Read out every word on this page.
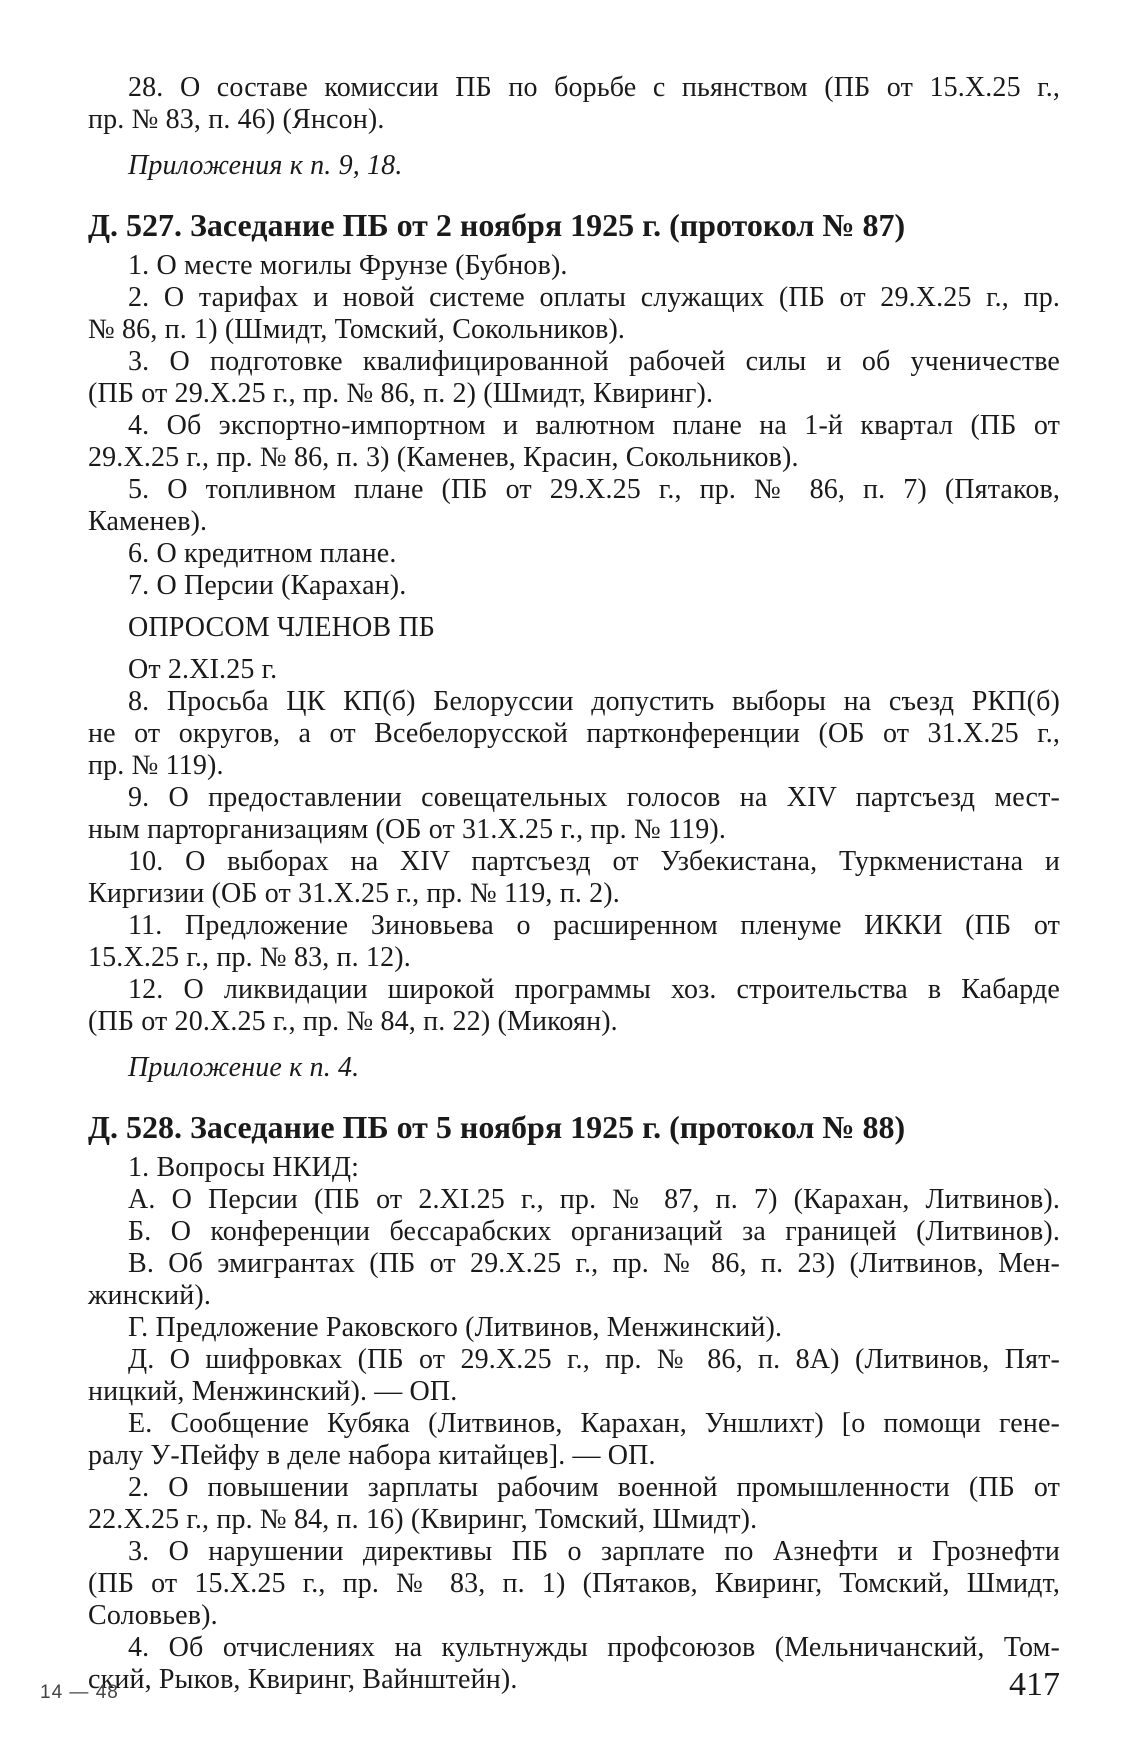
28. О составе комиссии ПБ по борьбе с пьянством (ПБ от 15.X.25 г.,
пр. № 83, п. 46) (Янсон).
Приложения к п. 9, 18.
Д. 527. Заседание ПБ от 2 ноября 1925 г. (протокол № 87)
1. О месте могилы Фрунзе (Бубнов).
2. О тарифах и новой системе оплаты служащих (ПБ от 29.X.25 г., пр.
№ 86, п. 1) (Шмидт, Томский, Сокольников).
3. О подготовке квалифицированной рабочей силы и об ученичестве
(ПБ от 29.X.25 г., пр. № 86, п. 2) (Шмидт, Квиринг).
4. Об экспортно-импортном и валютном плане на 1-й квартал (ПБ от
29.X.25 г., пр. № 86, п. 3) (Каменев, Красин, Сокольников).
5. О топливном плане (ПБ от 29.X.25 г., пр. № 86, п. 7) (Пятаков,
Каменев).
6. О кредитном плане.
7. О Персии (Карахан).
ОПРОСОМ ЧЛЕНОВ ПБ
От 2.XI.25 г.
8. Просьба ЦК КП(б) Белоруссии допустить выборы на съезд РКП(б)
не от округов, а от Всебелорусской партконференции (ОБ от 31.X.25 г.,
пр. № 119).
9. О предоставлении совещательных голосов на XIV партсъезд мест-
ным парторганизациям (ОБ от 31.X.25 г., пр. № 119).
10. О выборах на XIV партсъезд от Узбекистана, Туркменистана и
Киргизии (ОБ от 31.X.25 г., пр. № 119, п. 2).
11. Предложение Зиновьева о расширенном пленуме ИККИ (ПБ от
15.X.25 г., пр. № 83, п. 12).
12. О ликвидации широкой программы хоз. строительства в Кабарде
(ПБ от 20.X.25 г., пр. № 84, п. 22) (Микоян).
Приложение к п. 4.
Д. 528. Заседание ПБ от 5 ноября 1925 г. (протокол № 88)
1. Вопросы НКИД:
А. О Персии (ПБ от 2.XI.25 г., пр. № 87, п. 7) (Карахан, Литвинов).
Б. О конференции бессарабских организаций за границей (Литвинов).
В. Об эмигрантах (ПБ от 29.X.25 г., пр. № 86, п. 23) (Литвинов, Мен-
жинский).
Г. Предложение Раковского (Литвинов, Менжинский).
Д. О шифровках (ПБ от 29.X.25 г., пр. № 86, п. 8А) (Литвинов, Пят-
ницкий, Менжинский). — ОП.
Е. Сообщение Кубяка (Литвинов, Карахан, Уншлихт) [о помощи гене-
ралу У-Пейфу в деле набора китайцев]. — ОП.
2. О повышении зарплаты рабочим военной промышленности (ПБ от
22.X.25 г., пр. № 84, п. 16) (Квиринг, Томский, Шмидт).
3. О нарушении директивы ПБ о зарплате по Азнефти и Грознефти
(ПБ от 15.X.25 г., пр. № 83, п. 1) (Пятаков, Квиринг, Томский, Шмидт,
Соловьев).
4. Об отчислениях на культнужды профсоюзов (Мельничанский, Том-
ский, Рыков, Квиринг, Вайнштейн).
14 — 48	417
